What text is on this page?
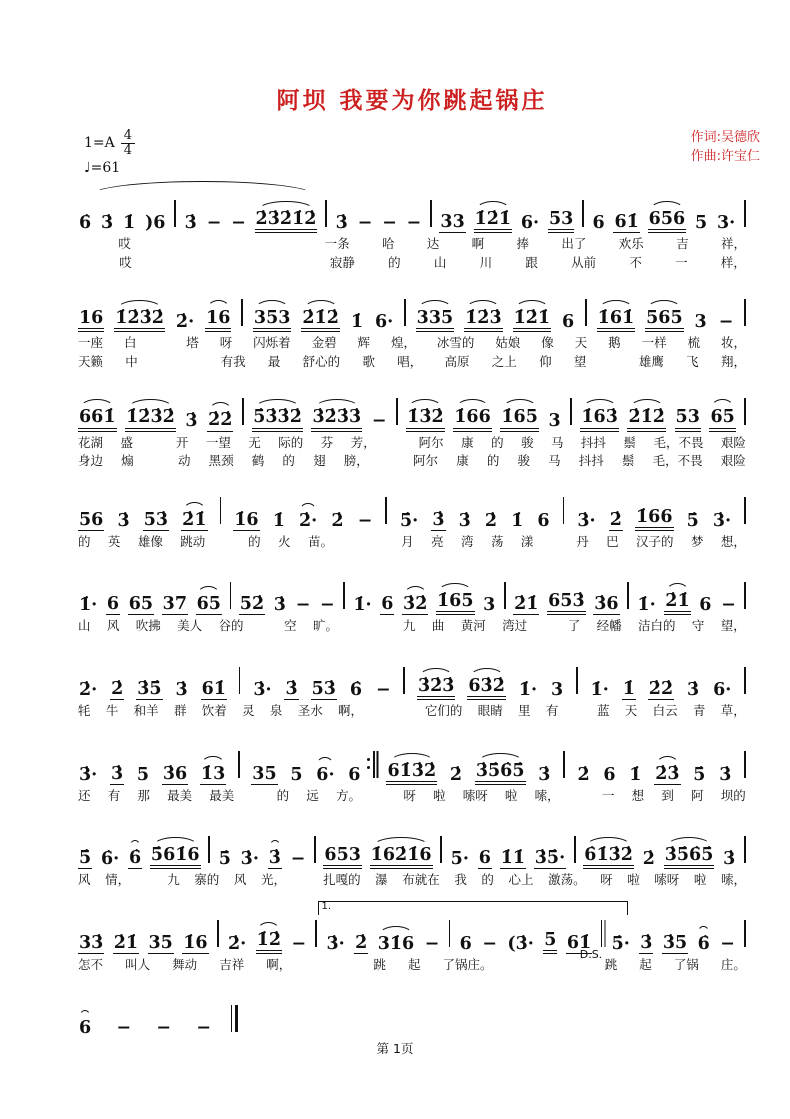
阿坝 我要为你跳起锅庄
$1=A \frac{4}{4}$
♩=61
作词:吴德欣
作曲:许宝仁
6̇ 3̇ 1̇ )6 3̇ − − 2̇3̇2̇1̇2̇ 3̇ − − − 33 1̇2̇1̇ 6· 53 6 61̇ 656 5 3·
哎	一条	哈	达	啊	捧	出了	欢乐	吉	祥，
哎	寂静	的	山	川	跟	从前	不	一	样，
16 1̇2̇3̇2̇ 2̇· 16 353 2̇1̇2̇ 1̇ 6· 335 1̇2̇3̇ 1̇2̇1̇ 6 1̇61̇ 565 3 −
一座 白	塔 呀 闪烁着 金碧 辉 煌， 冰雪的 姑娘 像 天 鹅 一样 梳 妆，
天籁 中	有我 最 舒心的 歌 唱， 高原 之上 仰 望	雄鹰 飞 翔，
661̇ 1̇2̇3̇2̇ 3̇ 2̇2̇ 5̇3̇3̇2̇ 3̇2̇3̇3̇ − 1̇3̇2̇ 1̇66 1̇65 3 1̇63̇ 2̇1̇2̇ 53 65
花湖 盛	开 一望 无 际的 芬 芳，	阿尔 康 的 骏 马 抖抖 鬃 毛，不畏 艰险
身边 煽	动 黑颈 鹤 的 翅 膀，	阿尔 康 的 骏 马 抖抖 鬃 毛，不畏 艰险
56 3̇ 53̇ 2̇1̇ 1̇6 1̇ 2̇· 2̇ − 5̇· 3̇ 3̇ 2̇ 1̇ 6 3̇· 2̇ 1̇66 5̇ 3̇·
的 英 雄像 跳动	的 火 苗。	月 亮 湾 荡 漾	丹 巴 汉子的 梦 想，
1̇· 6 65 37 65 52̇ 3̇ − − 1̇· 6 3̇2̇ 1̇65 3 2̇1̇ 653̇ 3̇6 1̇· 2̇1̇ 6 −
山 风 吹拂 美人 谷的	空 旷。	九 曲 黄河 湾过	了 经幡 洁白的 守 望，
2̇· 2̇ 3̇5̇ 3̇ 61̇ 3̇· 3̇ 53̇ 6̇ − 3̇2̇3̇ 63̇2̇ 1̇· 3 1̇· 1̇ 2̇2̇ 3̇ 6·
牦 牛 和羊 群 饮着 灵 泉 圣水 啊，	它们的 眼睛 里 有	蓝 天 白云 青 草，
3̇· 3̇ 5 3̇6 1̇3 35 5 6· 6 61̇3̇2̇ 2̇ 3̇5̇6̇5̇ 3̇ 2̇ 6 1̇ 2̇3̇ 5̇ 3̇
还 有 那 最美 最美	的 远 方。	呀 啦 嗦呀 啦 嗦，	一 想 到 阿 坝的
5̇ 6̇· 6̇ 5̇61̇6 5̇ 3̇· 3̇ − 653 1̇62̇1̇6 5· 6 1̇1̇ 3̇5̇· 6̇1̇3̇2̇ 2̇ 3̇5̇6̇5̇ 3̇
风 情，	九 寨的 风 光，	扎嘎的 瀑 布就在 我 的 心上 激荡。 呀 啦 嗦呀 啦 嗦，
33̇ 2̇1̇ 35 1̇6 2̇· 1̇2̇ − 3̇· 2̇ 31̇6 − 6 − (3̇· 5 61̇
D.S.
5̇· 3̇ 3̇5 6̇ −
1.
怎不 叫人 舞动 吉祥 啊，	跳 起 了锅庄。	跳 起 了锅 庄。
6 − − −
第 1页
